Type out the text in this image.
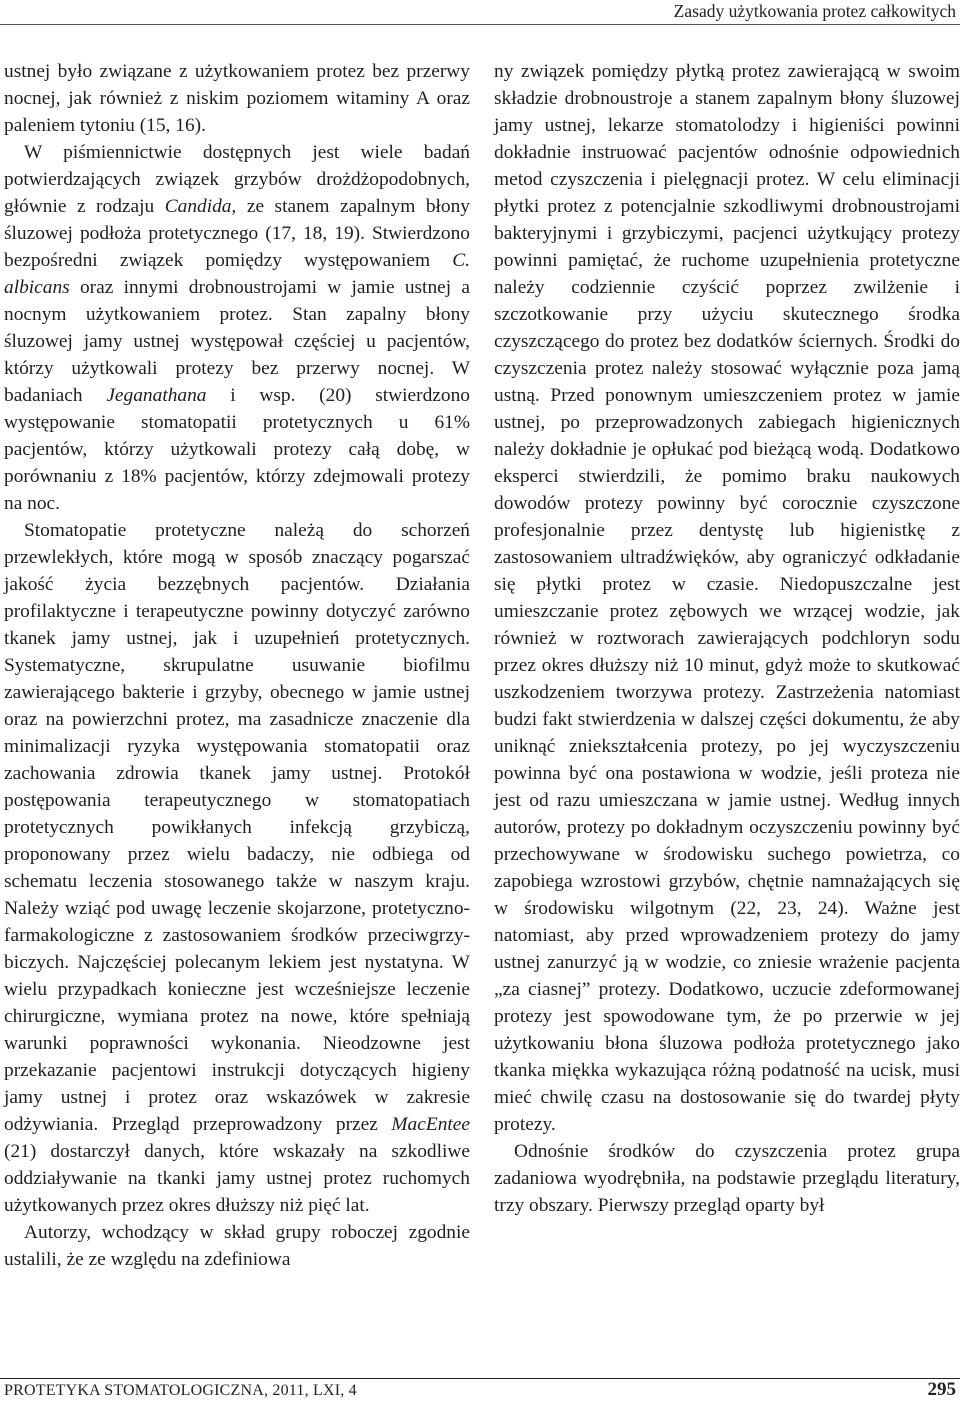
Zasady użytkowania protez całkowitych

ustnej było związane z użytkowaniem protez bez przerwy nocnej, jak również z niskim poziomem witaminy A oraz paleniem tytoniu (15, 16).

W piśmiennictwie dostępnych jest wiele badań potwierdzających związek grzybów drożdżopodobnych, głównie z rodzaju Candida, ze stanem zapalnym błony śluzowej podłoża protetycznego (17, 18, 19). Stwierdzono bezpośredni związek pomiędzy występowaniem C. albicans oraz innymi drobnoustrojami w jamie ustnej a nocnym użytkowaniem protez. Stan zapalny błony śluzowej jamy ustnej występował częściej u pacjentów, którzy użytkowali protezy bez przerwy nocnej. W badaniach Jeganathana i wsp. (20) stwierdzono występowanie stomatopatii protetycznych u 61% pacjentów, którzy użytkowali protezy całą dobę, w porównaniu z 18% pacjentów, którzy zdejmowali protezy na noc.

Stomatopatie protetyczne należą do schorzeń przewlekłych, które mogą w sposób znaczący pogarszać jakość życia bezzębnych pacjentów. Działania profilaktyczne i terapeutyczne powinny dotyczyć zarówno tkanek jamy ustnej, jak i uzupełnień protetycznych. Systematyczne, skrupulatne usuwanie biofilmu zawierającego bakterie i grzyby, obecnego w jamie ustnej oraz na powierzchni protez, ma zasadnicze znaczenie dla minimalizacji ryzyka występowania stomatopatii oraz zachowania zdrowia tkanek jamy ustnej. Protokół postępowania terapeutycznego w stomatopatiach protetycznych powikłanych infekcją grzybiczą, proponowany przez wielu badaczy, nie odbiega od schematu leczenia stosowanego także w naszym kraju. Należy wziąć pod uwagę leczenie skojarzone, protetyczno-farmakologiczne z zastosowaniem środków przeciwgrzybiczych. Najczęściej polecanym lekiem jest nystatyna. W wielu przypadkach konieczne jest wcześniejsze leczenie chirurgiczne, wymiana protez na nowe, które spełniają warunki poprawności wykonania. Nieodzowne jest przekazanie pacjentowi instrukcji dotyczących higieny jamy ustnej i protez oraz wskazówek w zakresie odżywiania. Przegląd przeprowadzony przez MacEntee (21) dostarczył danych, które wskazały na szkodliwe oddziaływanie na tkanki jamy ustnej protez ruchomych użytkowanych przez okres dłuższy niż pięć lat.

Autorzy, wchodzący w skład grupy roboczej zgodnie ustalili, że ze względu na zdefiniowa

ny związek pomiędzy płytką protez zawierającą w swoim składzie drobnoustroje a stanem zapalnym błony śluzowej jamy ustnej, lekarze stomatolodzy i higieniści powinni dokładnie instruować pacjentów odnośnie odpowiednich metod czyszczenia i pielęgnacji protez. W celu eliminacji płytki protez z potencjalnie szkodliwymi drobnoustrojami bakteryjnymi i grzybiczymi, pacjenci użytkujący protezy powinni pamiętać, że ruchome uzupełnienia protetyczne należy codziennie czyścić poprzez zwilżenie i szczotkowanie przy użyciu skutecznego środka czyszczącego do protez bez dodatków ściernych. Środki do czyszczenia protez należy stosować wyłącznie poza jamą ustną. Przed ponownym umieszczeniem protez w jamie ustnej, po przeprowadzonych zabiegach higienicznych należy dokładnie je opłukać pod bieżącą wodą. Dodatkowo eksperci stwierdzili, że pomimo braku naukowych dowodów protezy powinny być corocznie czyszczone profesjonalnie przez dentystę lub higienistkę z zastosowaniem ultradźwięków, aby ograniczyć odkładanie się płytki protez w czasie. Niedopuszczalne jest umieszczanie protez zębowych we wrzącej wodzie, jak również w roztworach zawierających podchloryn sodu przez okres dłuższy niż 10 minut, gdyż może to skutkować uszkodzeniem tworzywa protezy. Zastrzeżenia natomiast budzi fakt stwierdzenia w dalszej części dokumentu, że aby uniknąć zniekształcenia protezy, po jej wyczyszczeniu powinna być ona postawiona w wodzie, jeśli proteza nie jest od razu umieszczana w jamie ustnej. Według innych autorów, protezy po dokładnym oczyszczeniu powinny być przechowywane w środowisku suchego powietrza, co zapobiega wzrostowi grzybów, chętnie namnażających się w środowisku wilgotnym (22, 23, 24). Ważne jest natomiast, aby przed wprowadzeniem protezy do jamy ustnej zanurzyć ją w wodzie, co zniesie wrażenie pacjenta „za ciasnej” protezy. Dodatkowo, uczucie zdeformowanej protezy jest spowodowane tym, że po przerwie w jej użytkowaniu błona śluzowa podłoża protetycznego jako tkanka miękka wykazująca różną podatność na ucisk, musi mieć chwilę czasu na dostosowanie się do twardej płyty protezy.

Odnośnie środków do czyszczenia protez grupa zadaniowa wyodrębniła, na podstawie przeglądu literatury, trzy obszary. Pierwszy przegląd oparty był

PROTETYKA STOMATOLOGICZNA, 2011, LXI, 4	295
